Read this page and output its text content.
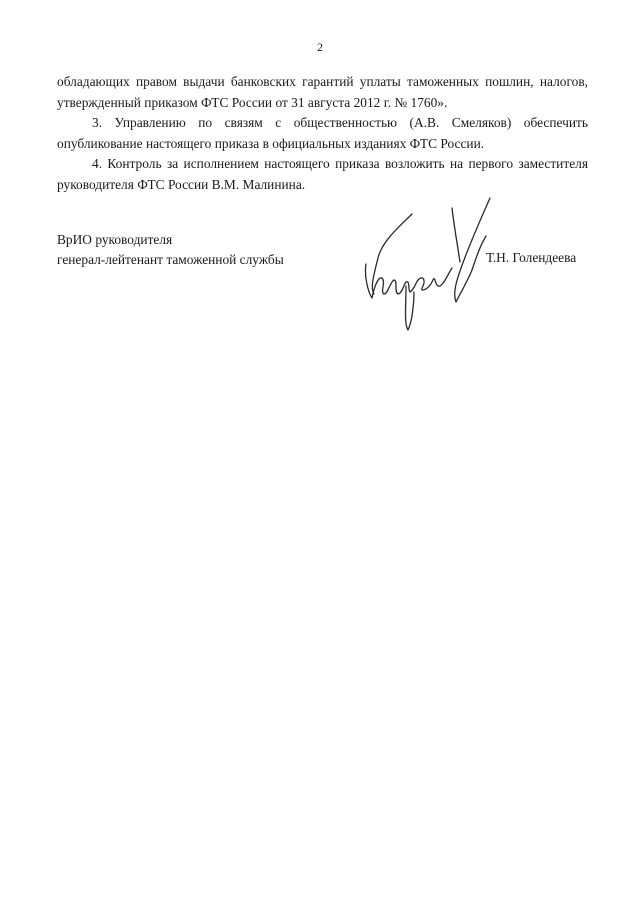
2

обладающих правом выдачи банковских гарантий уплаты таможенных пошлин, налогов, утвержденный приказом ФТС России от 31 августа 2012 г. № 1760».

3. Управлению по связям с общественностью (А.В. Смеляков) обеспечить опубликование настоящего приказа в официальных изданиях ФТС России.

4. Контроль за исполнением настоящего приказа возложить на первого заместителя руководителя ФТС России В.М. Малинина.

ВрИО руководителя
генерал-лейтенант таможенной службы	Т.Н. Голендеева
